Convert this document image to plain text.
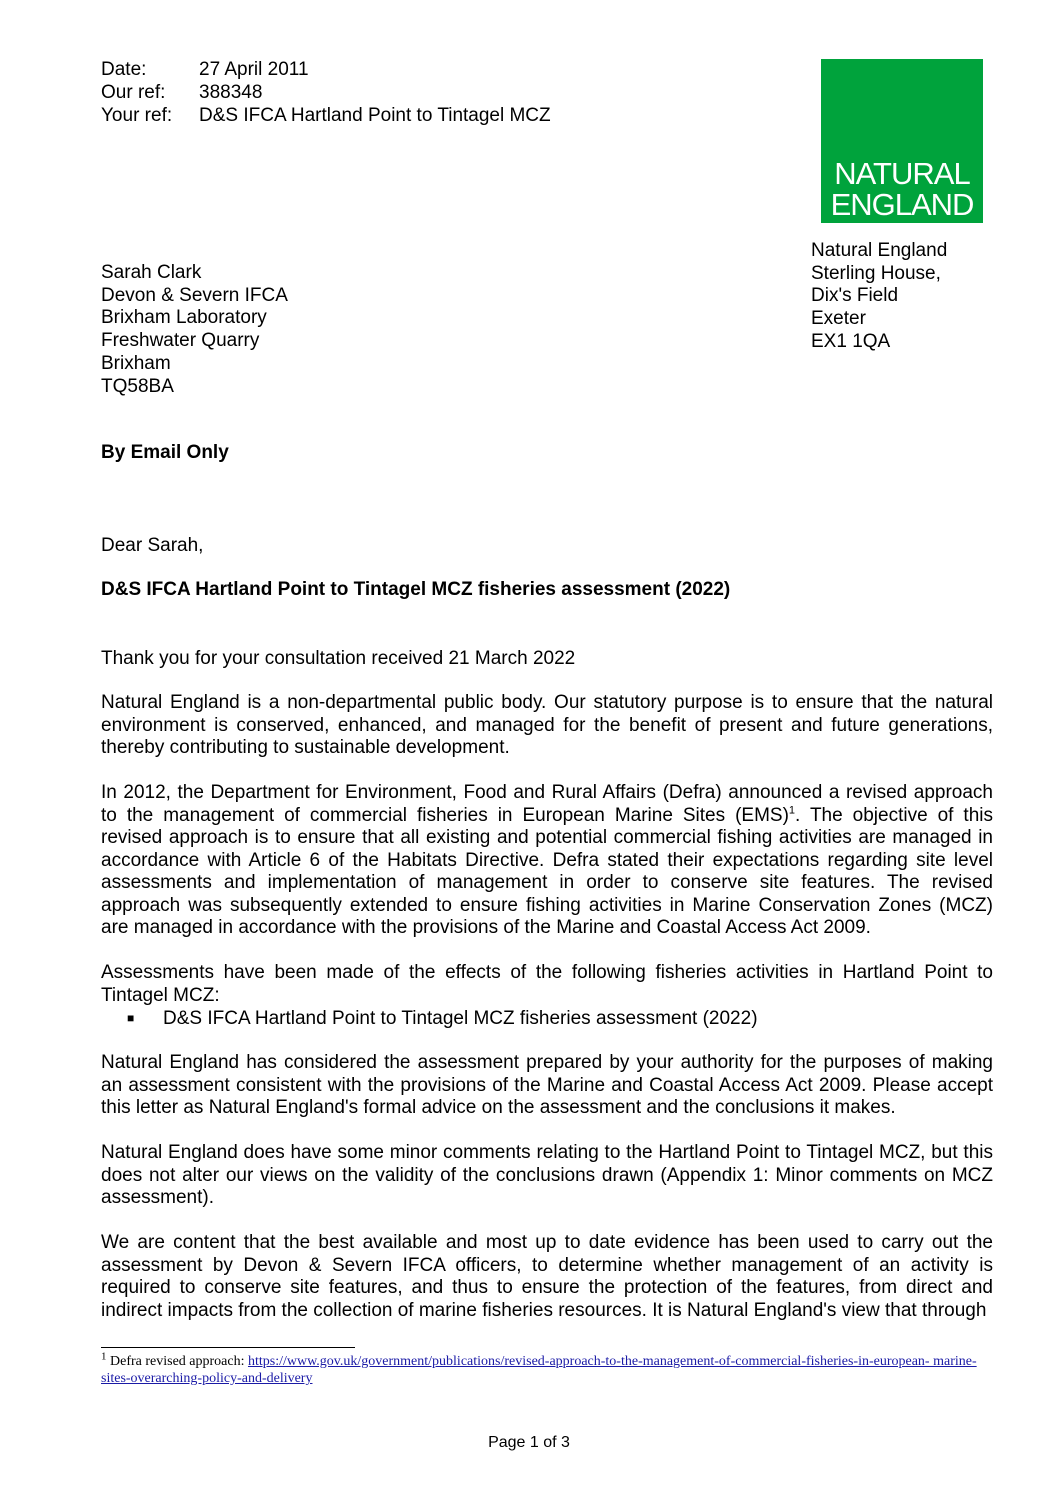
Date:	27 April 2011
Our ref: 388348
Your ref: D&S IFCA Hartland Point to Tintagel MCZ
NATURAL
ENGLAND
Natural England
Sterling House,
Dix's Field
Exeter
EX1 1QA
Sarah Clark
Devon & Severn IFCA
Brixham Laboratory
Freshwater Quarry
Brixham
TQ58BA
By Email Only
Dear Sarah,
D&S IFCA Hartland Point to Tintagel MCZ fisheries assessment (2022)
Thank you for your consultation received 21 March 2022
Natural England is a non-departmental public body. Our statutory purpose is to ensure that the natural environment is conserved, enhanced, and managed for the benefit of present and future generations, thereby contributing to sustainable development.
In 2012, the Department for Environment, Food and Rural Affairs (Defra) announced a revised approach to the management of commercial fisheries in European Marine Sites (EMS)$^1$. The objective of this revised approach is to ensure that all existing and potential commercial fishing activities are managed in accordance with Article 6 of the Habitats Directive. Defra stated their expectations regarding site level assessments and implementation of management in order to conserve site features. The revised approach was subsequently extended to ensure fishing activities in Marine Conservation Zones (MCZ) are managed in accordance with the provisions of the Marine and Coastal Access Act 2009.
Assessments have been made of the effects of the following fisheries activities in Hartland Point to Tintagel MCZ:
■ D&S IFCA Hartland Point to Tintagel MCZ fisheries assessment (2022)
Natural England has considered the assessment prepared by your authority for the purposes of making an assessment consistent with the provisions of the Marine and Coastal Access Act 2009. Please accept this letter as Natural England's formal advice on the assessment and the conclusions it makes.
Natural England does have some minor comments relating to the Hartland Point to Tintagel MCZ, but this does not alter our views on the validity of the conclusions drawn (Appendix 1: Minor comments on MCZ assessment).
We are content that the best available and most up to date evidence has been used to carry out the assessment by Devon & Severn IFCA officers, to determine whether management of an activity is required to conserve site features, and thus to ensure the protection of the features, from direct and indirect impacts from the collection of marine fisheries resources. It is Natural England's view that through
$^1$ Defra revised approach: https://www.gov.uk/government/publications/revised-approach-to-the-management-of-commercial-fisheries-in-european- marine-sites-overarching-policy-and-delivery
Page 1 of 3
